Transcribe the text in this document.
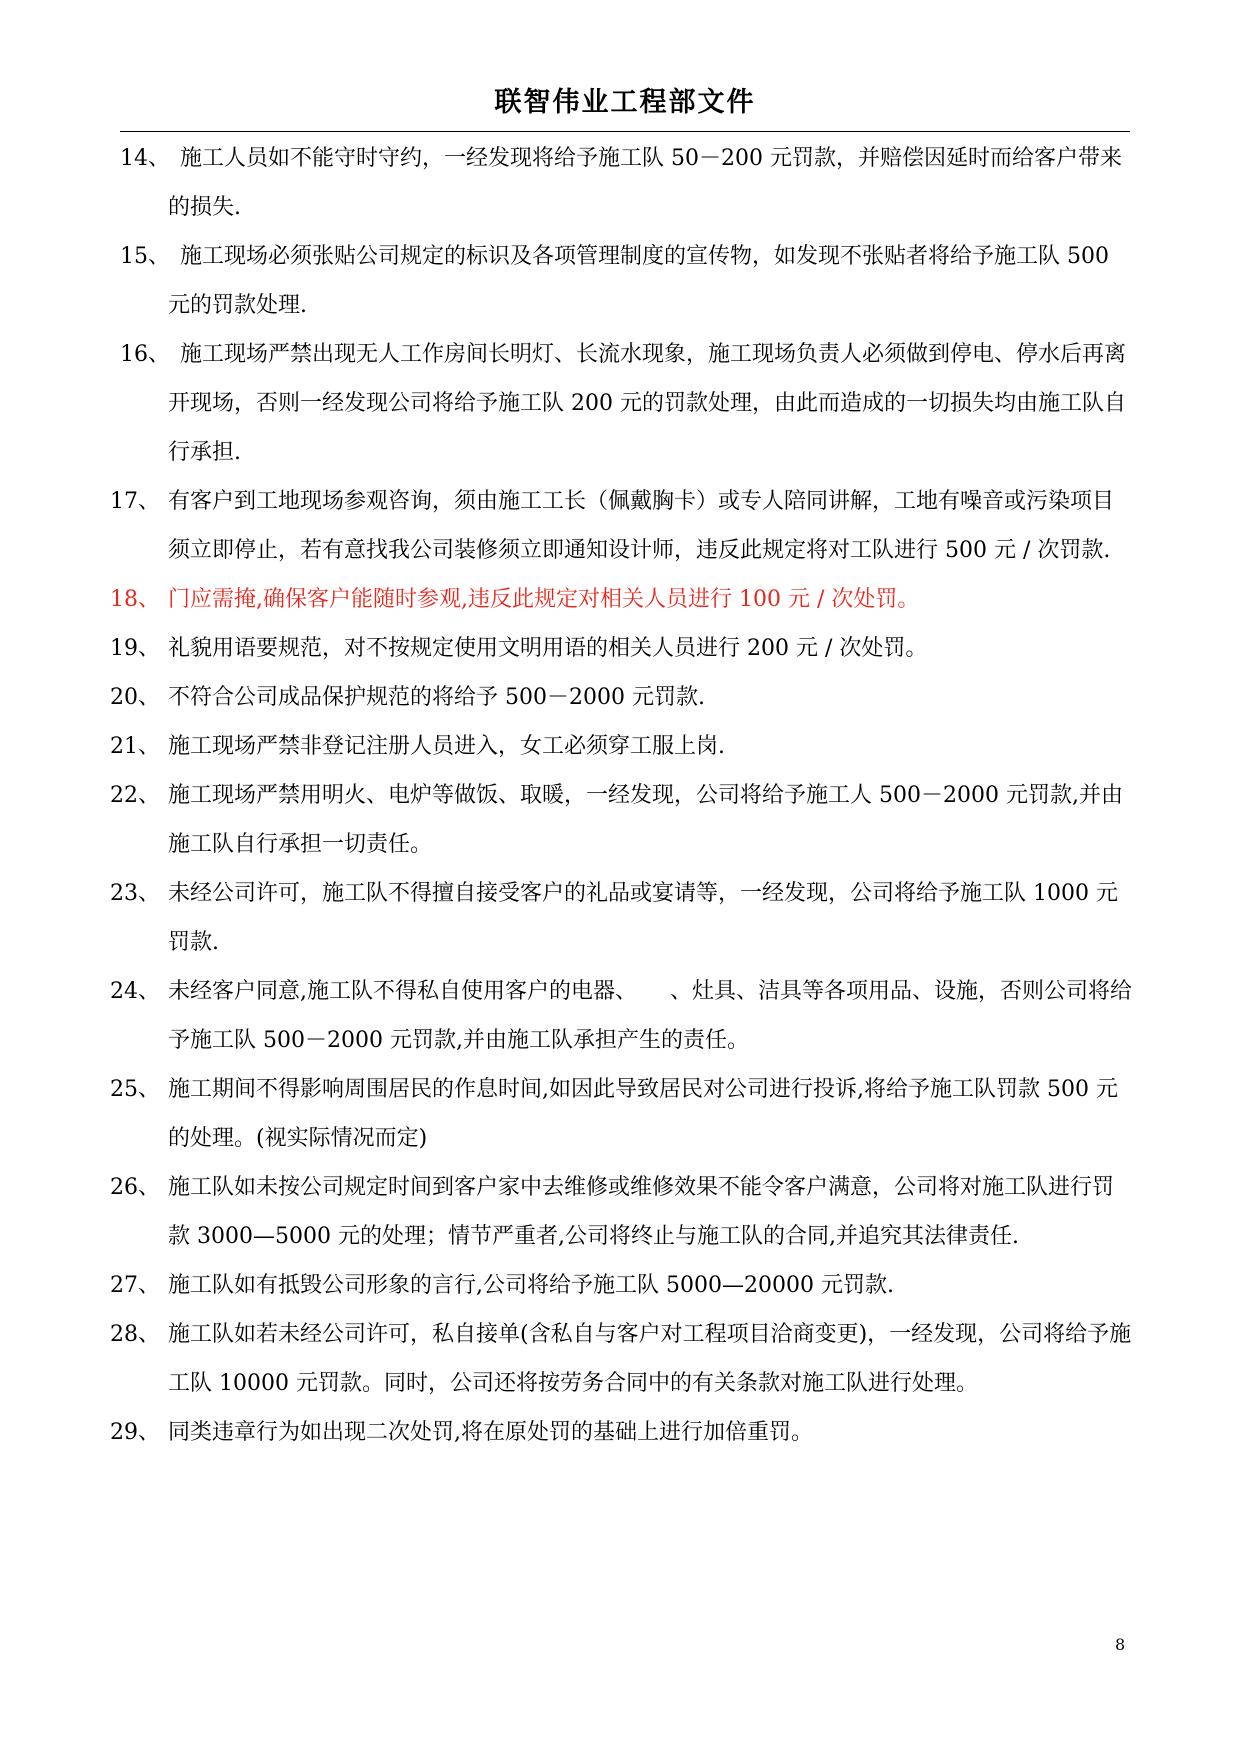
联智伟业工程部文件
14、 施工人员如不能守时守约，一经发现将给予施工队 50－200 元罚款，并赔偿因延时而给客户带来的损失.
15、 施工现场必须张贴公司规定的标识及各项管理制度的宣传物，如发现不张贴者将给予施工队 500 元的罚款处理.
16、 施工现场严禁出现无人工作房间长明灯、长流水现象，施工现场负责人必须做到停电、停水后再离开现场，否则一经发现公司将给予施工队 200 元的罚款处理，由此而造成的一切损失均由施工队自行承担.
17、 有客户到工地现场参观咨询，须由施工工长（佩戴胸卡）或专人陪同讲解，工地有噪音或污染项目须立即停止，若有意找我公司装修须立即通知设计师，违反此规定将对工队进行 500 元 / 次罚款.
18、 门应需掩,确保客户能随时参观,违反此规定对相关人员进行 100 元 / 次处罚。
19、 礼貌用语要规范，对不按规定使用文明用语的相关人员进行 200 元 / 次处罚。
20、 不符合公司成品保护规范的将给予 500－2000 元罚款.
21、 施工现场严禁非登记注册人员进入，女工必须穿工服上岗.
22、 施工现场严禁用明火、电炉等做饭、取暖，一经发现，公司将给予施工人 500－2000 元罚款,并由施工队自行承担一切责任。
23、 未经公司许可，施工队不得擅自接受客户的礼品或宴请等，一经发现，公司将给予施工队 1000 元罚款.
24、 未经客户同意,施工队不得私自使用客户的电器、　　、灶具、洁具等各项用品、设施，否则公司将给予施工队 500－2000 元罚款,并由施工队承担产生的责任。
25、 施工期间不得影响周围居民的作息时间,如因此导致居民对公司进行投诉,将给予施工队罚款 500 元的处理。(视实际情况而定)
26、 施工队如未按公司规定时间到客户家中去维修或维修效果不能令客户满意，公司将对施工队进行罚款 3000—5000 元的处理；情节严重者,公司将终止与施工队的合同,并追究其法律责任.
27、 施工队如有抵毁公司形象的言行,公司将给予施工队 5000—20000 元罚款.
28、 施工队如若未经公司许可，私自接单(含私自与客户对工程项目洽商变更)，一经发现，公司将给予施工队 10000 元罚款。同时，公司还将按劳务合同中的有关条款对施工队进行处理。
29、 同类违章行为如出现二次处罚,将在原处罚的基础上进行加倍重罚。
8
